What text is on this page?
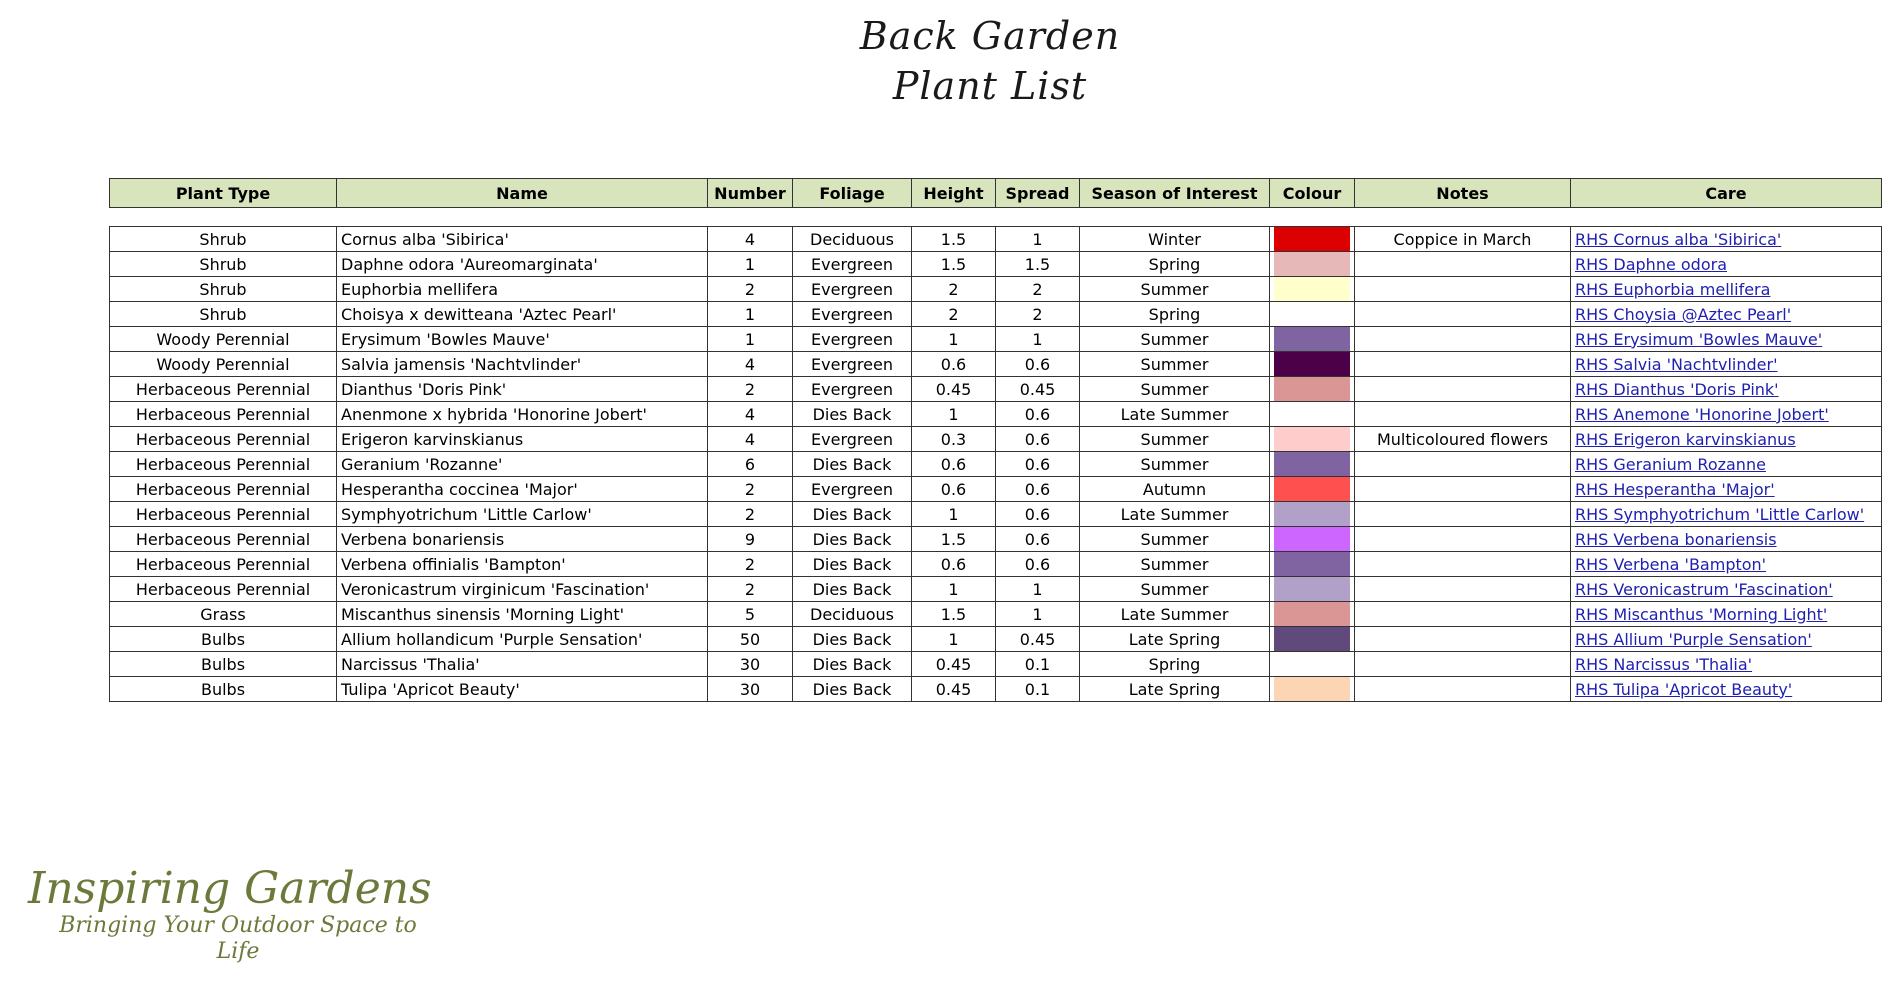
Back Garden
Plant List
Plant Type	Name	Number	Foliage	Height	Spread	Season of Interest	Colour	Notes	Care

Shrub	Cornus alba 'Sibirica'	4	Deciduous	1.5	1	Winter		Coppice in March	RHS Cornus alba 'Sibirica'
Shrub	Daphne odora 'Aureomarginata'	1	Evergreen	1.5	1.5	Spring			RHS Daphne odora
Shrub	Euphorbia mellifera	2	Evergreen	2	2	Summer			RHS Euphorbia mellifera
Shrub	Choisya x dewitteana 'Aztec Pearl'	1	Evergreen	2	2	Spring			RHS Choysia @Aztec Pearl'
Woody Perennial	Erysimum 'Bowles Mauve'	1	Evergreen	1	1	Summer			RHS Erysimum 'Bowles Mauve'
Woody Perennial	Salvia jamensis 'Nachtvlinder'	4	Evergreen	0.6	0.6	Summer			RHS Salvia 'Nachtvlinder'
Herbaceous Perennial	Dianthus 'Doris Pink'	2	Evergreen	0.45	0.45	Summer			RHS Dianthus 'Doris Pink'
Herbaceous Perennial	Anenmone x hybrida 'Honorine Jobert'	4	Dies Back	1	0.6	Late Summer			RHS Anemone 'Honorine Jobert'
Herbaceous Perennial	Erigeron karvinskianus	4	Evergreen	0.3	0.6	Summer		Multicoloured flowers	RHS Erigeron karvinskianus
Herbaceous Perennial	Geranium 'Rozanne'	6	Dies Back	0.6	0.6	Summer			RHS Geranium Rozanne
Herbaceous Perennial	Hesperantha coccinea 'Major'	2	Evergreen	0.6	0.6	Autumn			RHS Hesperantha 'Major'
Herbaceous Perennial	Symphyotrichum 'Little Carlow'	2	Dies Back	1	0.6	Late Summer			RHS Symphyotrichum 'Little Carlow'
Herbaceous Perennial	Verbena bonariensis	9	Dies Back	1.5	0.6	Summer			RHS Verbena bonariensis
Herbaceous Perennial	Verbena offinialis 'Bampton'	2	Dies Back	0.6	0.6	Summer			RHS Verbena 'Bampton'
Herbaceous Perennial	Veronicastrum virginicum 'Fascination'	2	Dies Back	1	1	Summer			RHS Veronicastrum 'Fascination'
Grass	Miscanthus sinensis 'Morning Light'	5	Deciduous	1.5	1	Late Summer			RHS Miscanthus 'Morning Light'
Bulbs	Allium hollandicum 'Purple Sensation'	50	Dies Back	1	0.45	Late Spring			RHS Allium 'Purple Sensation'
Bulbs	Narcissus 'Thalia'	30	Dies Back	0.45	0.1	Spring			RHS Narcissus 'Thalia'
Bulbs	Tulipa 'Apricot Beauty'	30	Dies Back	0.45	0.1	Late Spring			RHS Tulipa 'Apricot Beauty'
Inspiring Gardens
Bringing Your Outdoor Space to Life
